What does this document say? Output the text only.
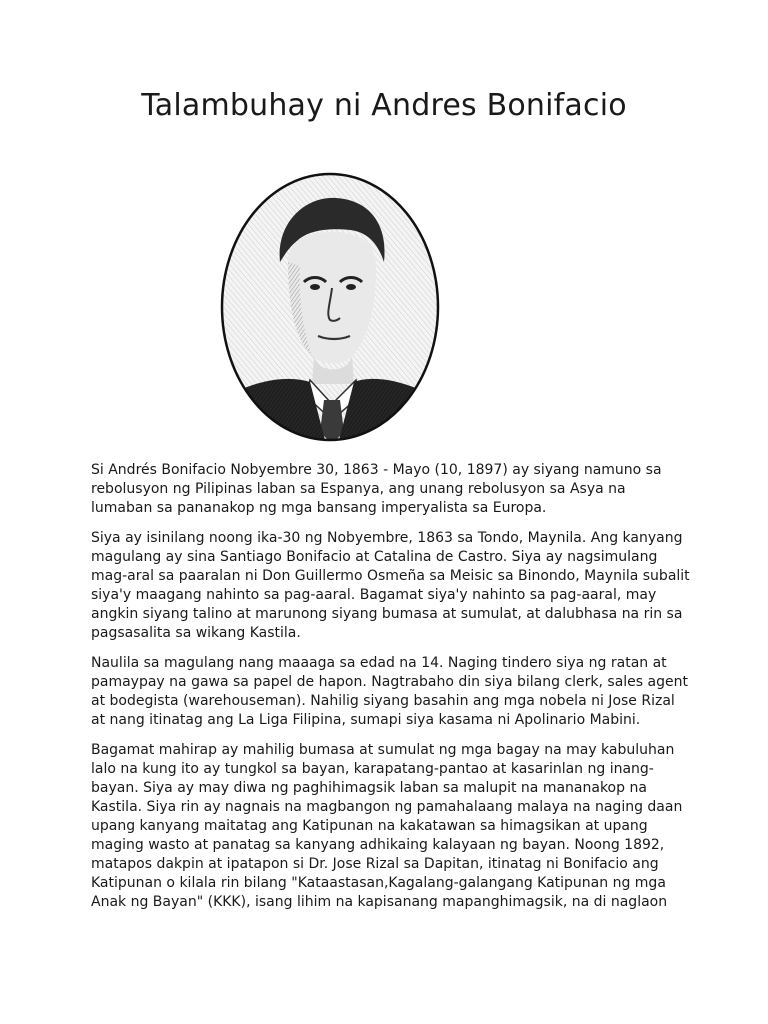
Talambuhay ni Andres Bonifacio

Si Andrés Bonifacio Nobyembre 30, 1863 - Mayo (10, 1897) ay siyang namuno sa rebolusyon ng Pilipinas laban sa Espanya, ang unang rebolusyon sa Asya na lumaban sa pananakop ng mga bansang imperyalista sa Europa.

Siya ay isinilang noong ika-30 ng Nobyembre, 1863 sa Tondo, Maynila. Ang kanyang magulang ay sina Santiago Bonifacio at Catalina de Castro. Siya ay nagsimulang mag-aral sa paaralan ni Don Guillermo Osmeña sa Meisic sa Binondo, Maynila subalit siya'y maagang nahinto sa pag-aaral. Bagamat siya'y nahinto sa pag-aaral, may angkin siyang talino at marunong siyang bumasa at sumulat, at dalubhasa na rin sa pagsasalita sa wikang Kastila.

Naulila sa magulang nang maaaga sa edad na 14. Naging tindero siya ng ratan at pamaypay na gawa sa papel de hapon. Nagtrabaho din siya bilang clerk, sales agent at bodegista (warehouseman). Nahilig siyang basahin ang mga nobela ni Jose Rizal at nang itinatag ang La Liga Filipina, sumapi siya kasama ni Apolinario Mabini.

Bagamat mahirap ay mahilig bumasa at sumulat ng mga bagay na may kabuluhan lalo na kung ito ay tungkol sa bayan, karapatang-pantao at kasarinlan ng inang-bayan. Siya ay may diwa ng paghihimagsik laban sa malupit na mananakop na Kastila. Siya rin ay nagnais na magbangon ng pamahalaang malaya na naging daan upang kanyang maitatag ang Katipunan na kakatawan sa himagsikan at upang maging wasto at panatag sa kanyang adhikaing kalayaan ng bayan. Noong 1892, matapos dakpin at ipatapon si Dr. Jose Rizal sa Dapitan, itinatag ni Bonifacio ang Katipunan o kilala rin bilang "Kataastasan,Kagalang-galangang Katipunan ng mga Anak ng Bayan" (KKK), isang lihim na kapisanang mapanghimagsik, na di naglaon
